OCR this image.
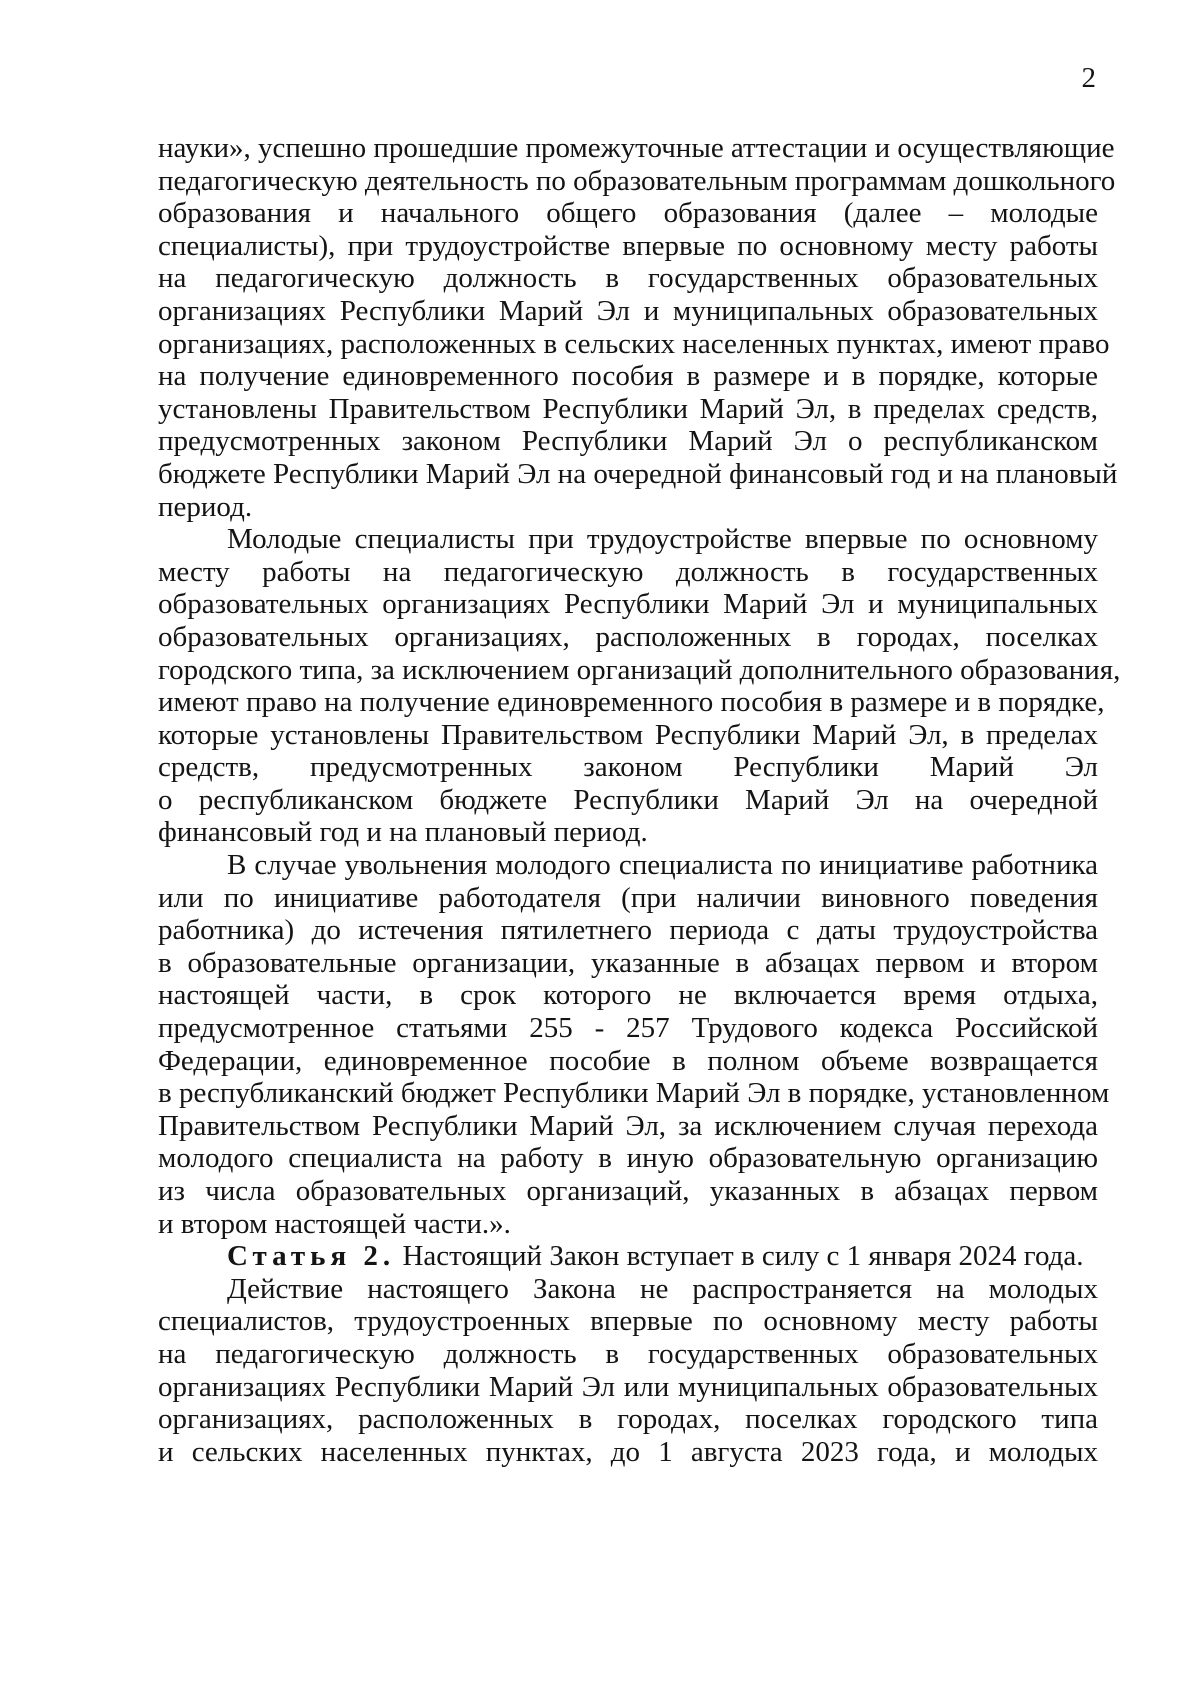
2

науки», успешно прошедшие промежуточные аттестации и осуществляющие
педагогическую деятельность по образовательным программам дошкольного
образования и начального общего образования (далее – молодые
специалисты), при трудоустройстве впервые по основному месту работы
на педагогическую должность в государственных образовательных
организациях Республики Марий Эл и муниципальных образовательных
организациях, расположенных в сельских населенных пунктах, имеют право
на получение единовременного пособия в размере и в порядке, которые
установлены Правительством Республики Марий Эл, в пределах средств,
предусмотренных законом Республики Марий Эл о республиканском
бюджете Республики Марий Эл на очередной финансовый год и на плановый
период.

Молодые специалисты при трудоустройстве впервые по основному
месту работы на педагогическую должность в государственных
образовательных организациях Республики Марий Эл и муниципальных
образовательных организациях, расположенных в городах, поселках
городского типа, за исключением организаций дополнительного образования,
имеют право на получение единовременного пособия в размере и в порядке,
которые установлены Правительством Республики Марий Эл, в пределах
средств, предусмотренных законом Республики Марий Эл
о республиканском бюджете Республики Марий Эл на очередной
финансовый год и на плановый период.

В случае увольнения молодого специалиста по инициативе работника
или по инициативе работодателя (при наличии виновного поведения
работника) до истечения пятилетнего периода с даты трудоустройства
в образовательные организации, указанные в абзацах первом и втором
настоящей части, в срок которого не включается время отдыха,
предусмотренное статьями 255 - 257 Трудового кодекса Российской
Федерации, единовременное пособие в полном объеме возвращается
в республиканский бюджет Республики Марий Эл в порядке, установленном
Правительством Республики Марий Эл, за исключением случая перехода
молодого специалиста на работу в иную образовательную организацию
из числа образовательных организаций, указанных в абзацах первом
и втором настоящей части.».

Статья 2. Настоящий Закон вступает в силу с 1 января 2024 года.

Действие настоящего Закона не распространяется на молодых
специалистов, трудоустроенных впервые по основному месту работы
на педагогическую должность в государственных образовательных
организациях Республики Марий Эл или муниципальных образовательных
организациях, расположенных в городах, поселках городского типа
и сельских населенных пунктах, до 1 августа 2023 года, и молодых
